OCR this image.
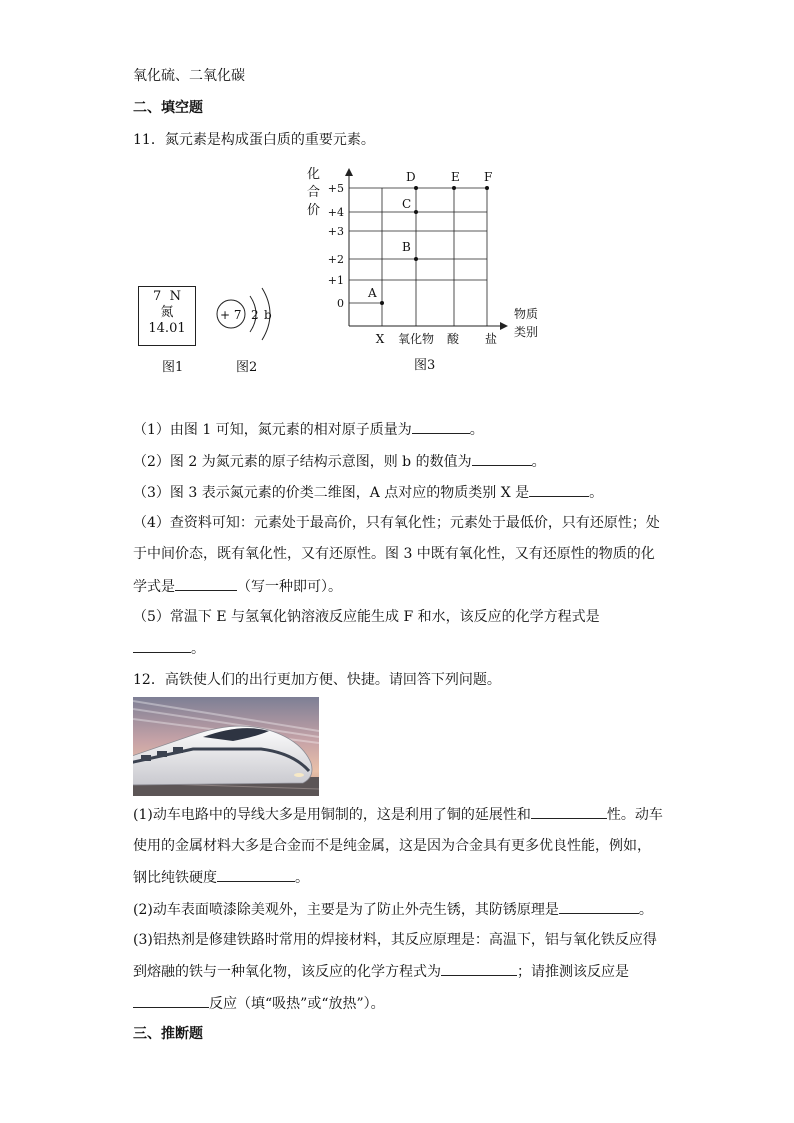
氧化硫、二氧化碳
二、填空题
11．氮元素是构成蛋白质的重要元素。
7 N
氮
14.01
图1
+ 7 2 b
图2
化
合
价
+5
+4
+3
+2
+1
0
X 氧化物 酸 盐
物质
类别
A
B
C
D	E F
图3
（1）由图 1 可知，氮元素的相对原子质量为	。
（2）图 2 为氮元素的原子结构示意图，则 b 的数值为	。
（3）图 3 表示氮元素的价类二维图，A 点对应的物质类别 X 是	。
（4）查资料可知：元素处于最高价，只有氧化性；元素处于最低价，只有还原性；处
于中间价态，既有氧化性，又有还原性。图 3 中既有氧化性，又有还原性的物质的化
学式是	（写一种即可）。
（5）常温下 E 与氢氧化钠溶液反应能生成 F 和水，该反应的化学方程式是
。
12．高铁使人们的出行更加方便、快捷。请回答下列问题。
(1)动车电路中的导线大多是用铜制的，这是利用了铜的延展性和	性。动车
使用的金属材料大多是合金而不是纯金属，这是因为合金具有更多优良性能，例如，
钢比纯铁硬度	。
(2)动车表面喷漆除美观外，主要是为了防止外壳生锈，其防锈原理是	。
(3)铝热剂是修建铁路时常用的焊接材料，其反应原理是：高温下，铝与氧化铁反应得
到熔融的铁与一种氧化物，该反应的化学方程式为	；请推测该反应是
反应（填“吸热”或“放热”）。
三、推断题
